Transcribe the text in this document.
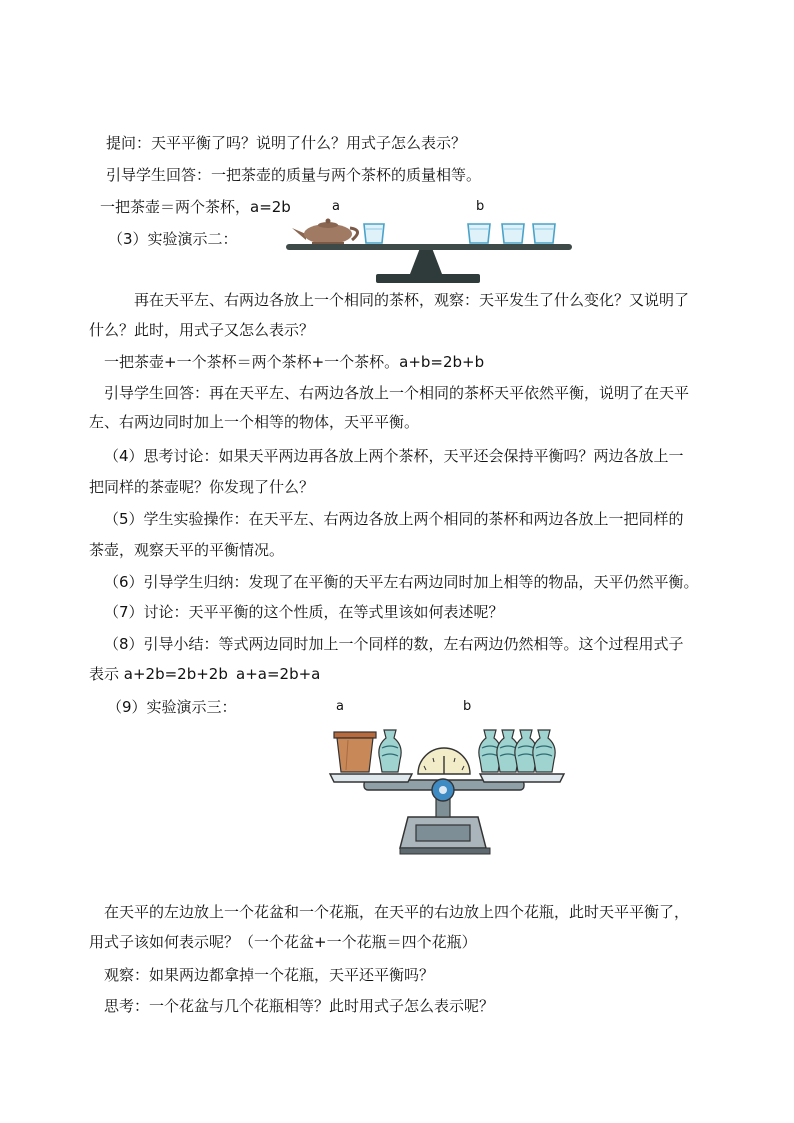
提问：天平平衡了吗？说明了什么？用式子怎么表示？
引导学生回答：一把茶壶的质量与两个茶杯的质量相等。
一把茶壶＝两个茶杯，a=2b	a	b
（3）实验演示二：
再在天平左、右两边各放上一个相同的茶杯，观察：天平发生了什么变化？又说明了
什么？此时，用式子又怎么表示？
一把茶壶+一个茶杯＝两个茶杯+一个茶杯。a+b=2b+b
引导学生回答：再在天平左、右两边各放上一个相同的茶杯天平依然平衡，说明了在天平
左、右两边同时加上一个相等的物体，天平平衡。
（4）思考讨论：如果天平两边再各放上两个茶杯，天平还会保持平衡吗？两边各放上一
把同样的茶壶呢？你发现了什么？
（5）学生实验操作：在天平左、右两边各放上两个相同的茶杯和两边各放上一把同样的
茶壶，观察天平的平衡情况。
（6）引导学生归纳：发现了在平衡的天平左右两边同时加上相等的物品，天平仍然平衡。
（7）讨论：天平平衡的这个性质，在等式里该如何表述呢？
（8）引导小结：等式两边同时加上一个同样的数，左右两边仍然相等。这个过程用式子
表示 a+2b=2b+2b a+a=2b+a
（9）实验演示三：	a	b
在天平的左边放上一个花盆和一个花瓶，在天平的右边放上四个花瓶，此时天平平衡了，
用式子该如何表示呢？（一个花盆+一个花瓶＝四个花瓶）
观察：如果两边都拿掉一个花瓶，天平还平衡吗？
思考：一个花盆与几个花瓶相等？此时用式子怎么表示呢？
